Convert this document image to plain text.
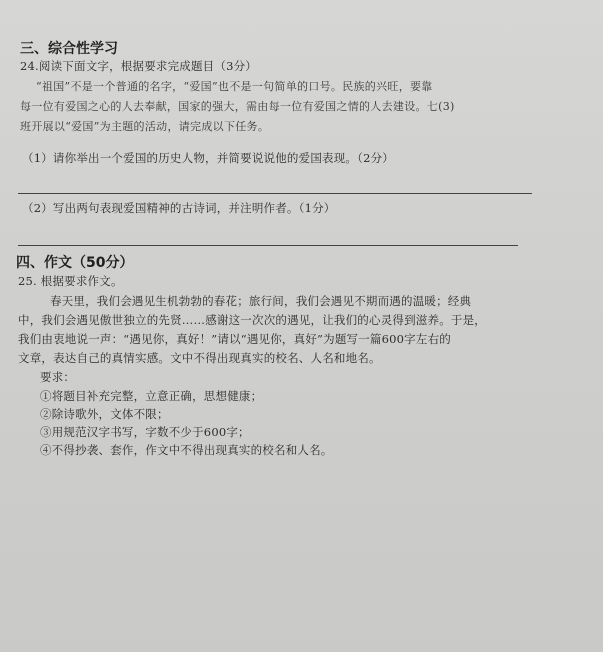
三、综合性学习
24.阅读下面文字，根据要求完成题目（3分）
“祖国”不是一个普通的名字，“爱国”也不是一句简单的口号。民族的兴旺，要靠
每一位有爱国之心的人去奉献，国家的强大，需由每一位有爱国之情的人去建设。七(3)
班开展以“爱国”为主题的活动，请完成以下任务。
（1）请你举出一个爱国的历史人物，并简要说说他的爱国表现。（2分）
（2）写出两句表现爱国精神的古诗词，并注明作者。（1分）
四、作文（50分）
25. 根据要求作文。
春天里，我们会遇见生机勃勃的春花；旅行间，我们会遇见不期而遇的温暖；经典
中，我们会遇见傲世独立的先贤……感谢这一次次的遇见，让我们的心灵得到滋养。于是，
我们由衷地说一声：“遇见你，真好！”请以“遇见你，真好”为题写一篇600字左右的
文章，表达自己的真情实感。文中不得出现真实的校名、人名和地名。
要求：
①将题目补充完整，立意正确，思想健康；
②除诗歌外，文体不限；
③用规范汉字书写，字数不少于600字；
④不得抄袭、套作，作文中不得出现真实的校名和人名。
